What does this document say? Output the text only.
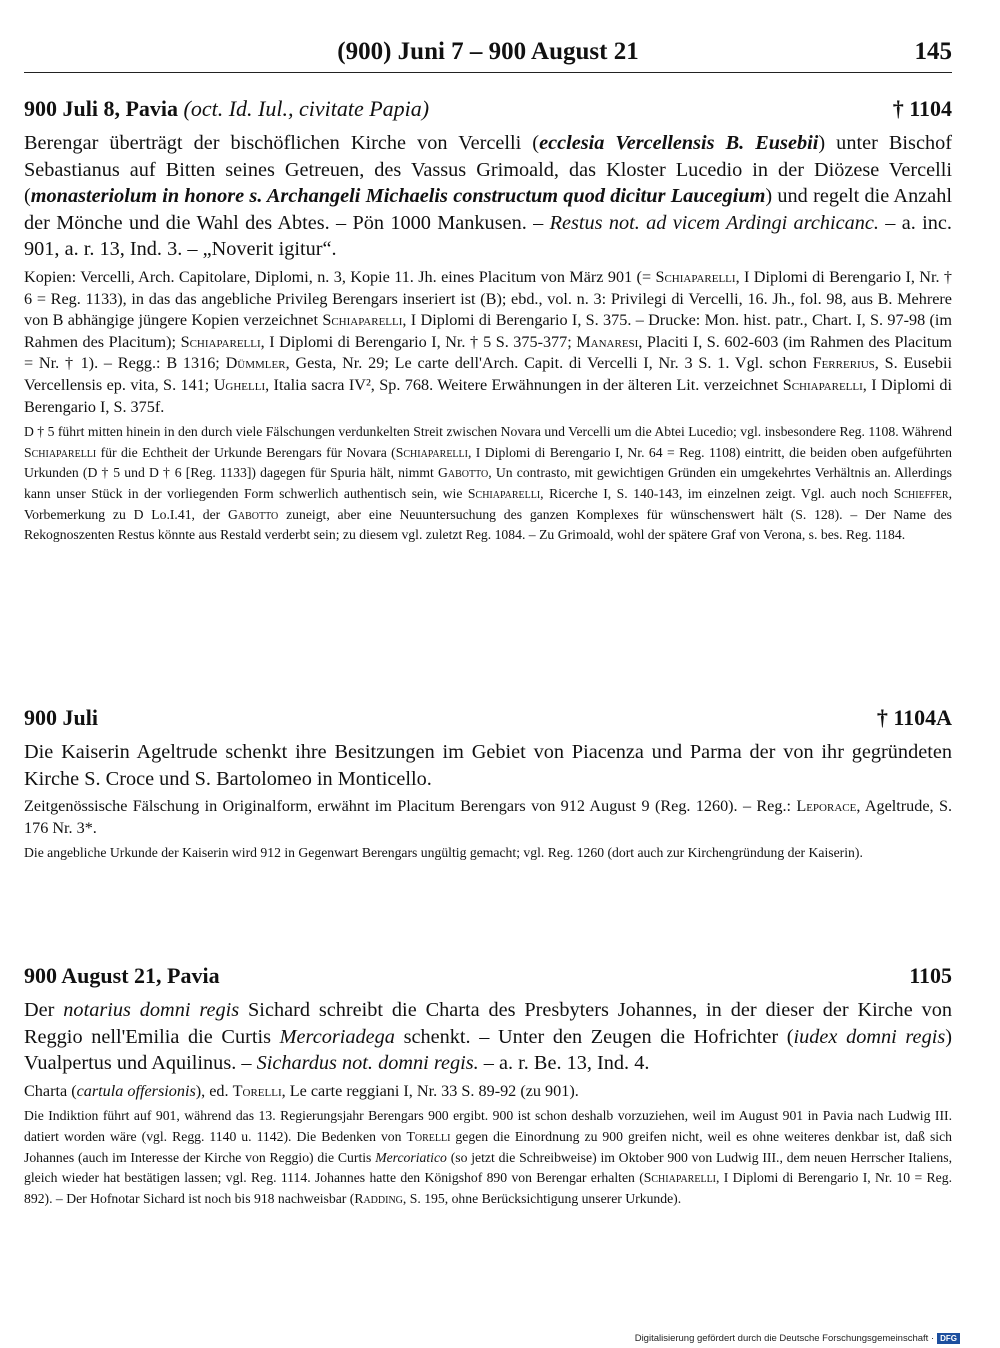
(900) Juni 7 – 900 August 21	145
900 Juli 8, Pavia (oct. Id. Iul., civitate Papia)	† 1104

Berengar überträgt der bischöflichen Kirche von Vercelli (ecclesia Vercellensis B. Eusebii) unter Bischof Sebastianus auf Bitten seines Getreuen, des Vassus Grimoald, das Kloster Lucedio in der Diözese Vercelli (monasteriolum in honore s. Archangeli Michaelis constructum quod dicitur Laucegium) und regelt die Anzahl der Mönche und die Wahl des Abtes. – Pön 1000 Mankusen. – Restus not. ad vicem Ardingi archicanc. – a. inc. 901, a. r. 13, Ind. 3. – „Noverit igitur“.

Kopien: Vercelli, Arch. Capitolare, Diplomi, n. 3, Kopie 11. Jh. eines Placitum von März 901 (= Schiaparelli, I Diplomi di Berengario I, Nr. † 6 = Reg. 1133), in das das angebliche Privileg Berengars inseriert ist (B); ebd., vol. n. 3: Privilegi di Vercelli, 16. Jh., fol. 98, aus B. Mehrere von B abhängige jüngere Kopien verzeichnet Schiaparelli, I Diplomi di Berengario I, S. 375. – Drucke: Mon. hist. patr., Chart. I, S. 97-98 (im Rahmen des Placitum); Schiaparelli, I Diplomi di Berengario I, Nr. † 5 S. 375-377; Manaresi, Placiti I, S. 602-603 (im Rahmen des Placitum = Nr. † 1). – Regg.: B 1316; Dümmler, Gesta, Nr. 29; Le carte dell'Arch. Capit. di Vercelli I, Nr. 3 S. 1. Vgl. schon Ferrerius, S. Eusebii Vercellensis ep. vita, S. 141; Ughelli, Italia sacra IV², Sp. 768. Weitere Erwähnungen in der älteren Lit. verzeichnet Schiaparelli, I Diplomi di Berengario I, S. 375f.

D † 5 führt mitten hinein in den durch viele Fälschungen verdunkelten Streit zwischen Novara und Vercelli um die Abtei Lucedio; vgl. insbesondere Reg. 1108. Während Schiaparelli für die Echtheit der Urkunde Berengars für Novara (Schiaparelli, I Diplomi di Berengario I, Nr. 64 = Reg. 1108) eintritt, die beiden oben aufgeführten Urkunden (D † 5 und D † 6 [Reg. 1133]) dagegen für Spuria hält, nimmt Gabotto, Un contrasto, mit gewichtigen Gründen ein umgekehrtes Verhältnis an. Allerdings kann unser Stück in der vorliegenden Form schwerlich authentisch sein, wie Schiaparelli, Ricerche I, S. 140-143, im einzelnen zeigt. Vgl. auch noch Schieffer, Vorbemerkung zu D Lo.I.41, der Gabotto zuneigt, aber eine Neuuntersuchung des ganzen Komplexes für wünschenswert hält (S. 128). – Der Name des Rekognoszenten Restus könnte aus Restald verderbt sein; zu diesem vgl. zuletzt Reg. 1084. – Zu Grimoald, wohl der spätere Graf von Verona, s. bes. Reg. 1184.

900 Juli	† 1104A

Die Kaiserin Ageltrude schenkt ihre Besitzungen im Gebiet von Piacenza und Parma der von ihr gegründeten Kirche S. Croce und S. Bartolomeo in Monticello.

Zeitgenössische Fälschung in Originalform, erwähnt im Placitum Berengars von 912 August 9 (Reg. 1260). – Reg.: Leporace, Ageltrude, S. 176 Nr. 3*.

Die angebliche Urkunde der Kaiserin wird 912 in Gegenwart Berengars ungültig gemacht; vgl. Reg. 1260 (dort auch zur Kirchengründung der Kaiserin).

900 August 21, Pavia	1105

Der notarius domni regis Sichard schreibt die Charta des Presbyters Johannes, in der dieser der Kirche von Reggio nell'Emilia die Curtis Mercoriadega schenkt. – Unter den Zeugen die Hofrichter (iudex domni regis) Vualpertus und Aquilinus. – Sichardus not. domni regis. – a. r. Be. 13, Ind. 4.

Charta (cartula offersionis), ed. Torelli, Le carte reggiani I, Nr. 33 S. 89-92 (zu 901).

Die Indiktion führt auf 901, während das 13. Regierungsjahr Berengars 900 ergibt. 900 ist schon deshalb vorzuziehen, weil im August 901 in Pavia nach Ludwig III. datiert worden wäre (vgl. Regg. 1140 u. 1142). Die Bedenken von Torelli gegen die Einordnung zu 900 greifen nicht, weil es ohne weiteres denkbar ist, daß sich Johannes (auch im Interesse der Kirche von Reggio) die Curtis Mercoriatico (so jetzt die Schreibweise) im Oktober 900 von Ludwig III., dem neuen Herrscher Italiens, gleich wieder hat bestätigen lassen; vgl. Reg. 1114. Johannes hatte den Königshof 890 von Berengar erhalten (Schiaparelli, I Diplomi di Berengario I, Nr. 10 = Reg. 892). – Der Hofnotar Sichard ist noch bis 918 nachweisbar (Radding, S. 195, ohne Berücksichtigung unserer Urkunde).

Digitalisierung gefördert durch die Deutsche Forschungsgemeinschaft · DFG
